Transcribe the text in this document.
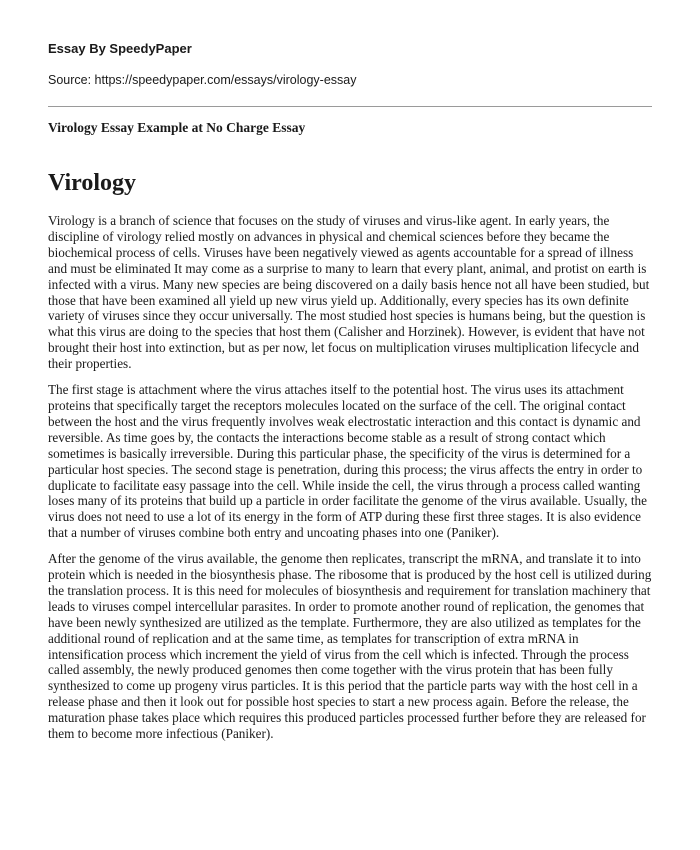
Essay By SpeedyPaper

Source: https://speedypaper.com/essays/virology-essay

Virology Essay Example at No Charge Essay

Virology

Virology is a branch of science that focuses on the study of viruses and virus-like agent. In early years, the discipline of virology relied mostly on advances in physical and chemical sciences before they became the biochemical process of cells. Viruses have been negatively viewed as agents accountable for a spread of illness and must be eliminated It may come as a surprise to many to learn that every plant, animal, and protist on earth is infected with a virus. Many new species are being discovered on a daily basis hence not all have been studied, but those that have been examined all yield up new virus yield up. Additionally, every species has its own definite variety of viruses since they occur universally. The most studied host species is humans being, but the question is what this virus are doing to the species that host them (Calisher and Horzinek). However, is evident that have not brought their host into extinction, but as per now, let focus on multiplication viruses multiplication lifecycle and their properties.

The first stage is attachment where the virus attaches itself to the potential host. The virus uses its attachment proteins that specifically target the receptors molecules located on the surface of the cell. The original contact between the host and the virus frequently involves weak electrostatic interaction and this contact is dynamic and reversible. As time goes by, the contacts the interactions become stable as a result of strong contact which sometimes is basically irreversible. During this particular phase, the specificity of the virus is determined for a particular host species. The second stage is penetration, during this process; the virus affects the entry in order to duplicate to facilitate easy passage into the cell. While inside the cell, the virus through a process called wanting loses many of its proteins that build up a particle in order facilitate the genome of the virus available. Usually, the virus does not need to use a lot of its energy in the form of ATP during these first three stages. It is also evidence that a number of viruses combine both entry and uncoating phases into one (Paniker).

After the genome of the virus available, the genome then replicates, transcript the mRNA, and translate it to into protein which is needed in the biosynthesis phase. The ribosome that is produced by the host cell is utilized during the translation process. It is this need for molecules of biosynthesis and requirement for translation machinery that leads to viruses compel intercellular parasites. In order to promote another round of replication, the genomes that have been newly synthesized are utilized as the template. Furthermore, they are also utilized as templates for the additional round of replication and at the same time, as templates for transcription of extra mRNA in intensification process which increment the yield of virus from the cell which is infected. Through the process called assembly, the newly produced genomes then come together with the virus protein that has been fully synthesized to come up progeny virus particles. It is this period that the particle parts way with the host cell in a release phase and then it look out for possible host species to start a new process again. Before the release, the maturation phase takes place which requires this produced particles processed further before they are released for them to become more infectious (Paniker).
